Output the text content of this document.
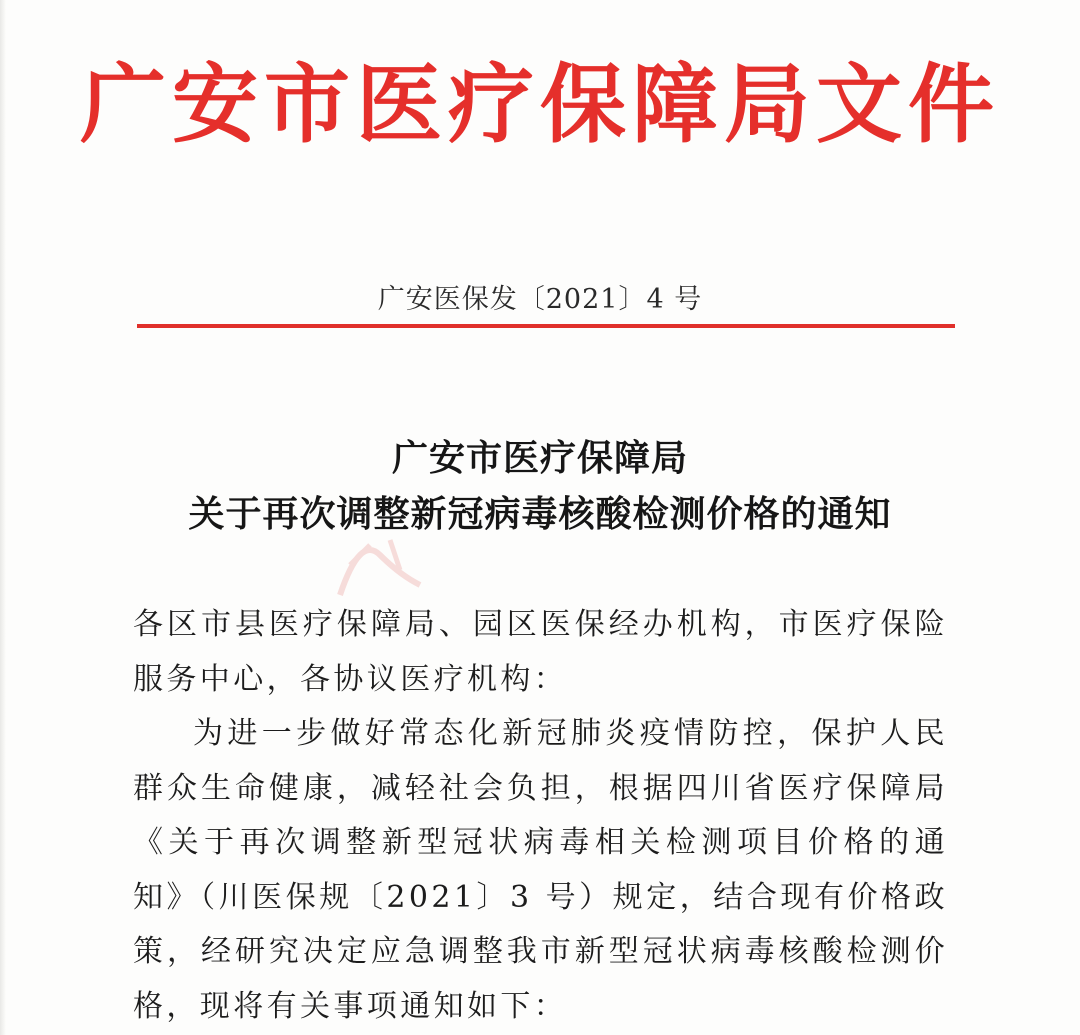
广安市医疗保障局文件
广安医保发〔2021〕4 号
广安市医疗保障局
关于再次调整新冠病毒核酸检测价格的通知

各区市县医疗保障局、园区医保经办机构，市医疗保险服务中心，各协议医疗机构：

为进一步做好常态化新冠肺炎疫情防控，保护人民群众生命健康，减轻社会负担，根据四川省医疗保障局《关于再次调整新型冠状病毒相关检测项目价格的通知》（川医保规〔2021〕3 号）规定，结合现有价格政策，经研究决定应急调整我市新型冠状病毒核酸检测价格，现将有关事项通知如下：
